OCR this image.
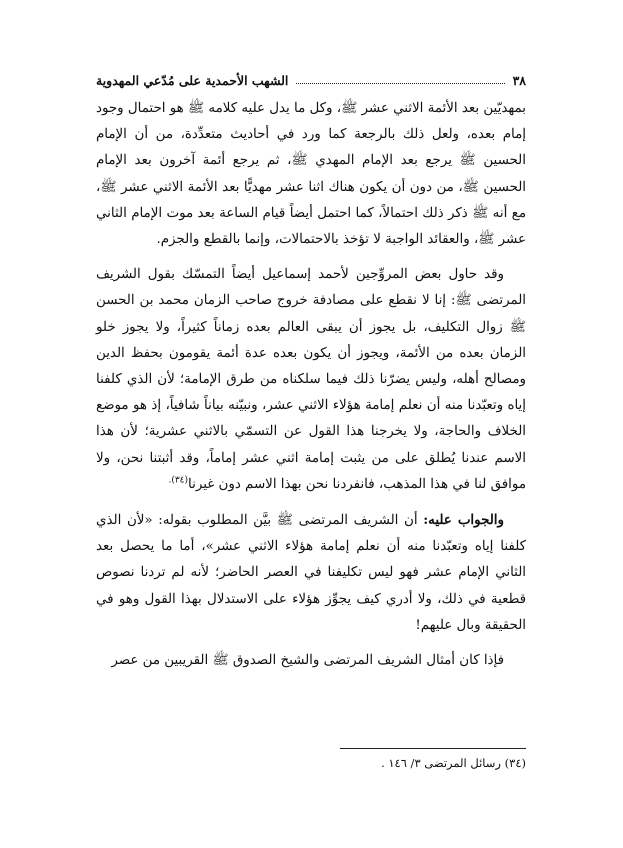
٣٨
الشهب الأحمدية على مُدّعي المهدوية

بمهديّين بعد الأئمة الاثني عشر ﷺ، وكل ما يدل عليه كلامه ﷺ هو احتمال وجود إمام بعده، ولعل ذلك بالرجعة كما ورد في أحاديث متعدِّدة، من أن الإمام الحسين ﷺ يرجع بعد الإمام المهدي ﷺ، ثم يرجع أئمة آخرون بعد الإمام الحسين ﷺ، من دون أن يكون هناك اثنا عشر مهديًّا بعد الأئمة الاثني عشر ﷺ، مع أنه ﷺ ذكر ذلك احتمالاً، كما احتمل أيضاً قيام الساعة بعد موت الإمام الثاني عشر ﷺ، والعقائد الواجبة لا تؤخذ بالاحتمالات، وإنما بالقطع والجزم.

وقد حاول بعض المروِّجين لأحمد إسماعيل أيضاً التمسّك بقول الشريف المرتضى ﷺ: إنا لا نقطع على مصادفة خروج صاحب الزمان محمد بن الحسن ﷺ زوال التكليف، بل يجوز أن يبقى العالم بعده زماناً كثيراً، ولا يجوز خلو الزمان بعده من الأئمة، ويجوز أن يكون بعده عدة أئمة يقومون بحفظ الدين ومصالح أهله، وليس يضرّنا ذلك فيما سلكناه من طرق الإمامة؛ لأن الذي كلفنا إياه وتعبّدنا منه أن نعلم إمامة هؤلاء الاثني عشر، ونبيّنه بياناً شافياً، إذ هو موضع الخلاف والحاجة، ولا يخرجنا هذا القول عن التسمّي بالاثني عشرية؛ لأن هذا الاسم عندنا يُطلق على من يثبت إمامة اثني عشر إماماً، وقد أثبتنا نحن، ولا موافق لنا في هذا المذهب، فانفردنا نحن بهذا الاسم دون غيرنا$^{(٣٤).}$

والجواب عليه: أن الشريف المرتضى ﷺ بيَّن المطلوب بقوله: «لأن الذي كلفنا إياه وتعبّدنا منه أن نعلم إمامة هؤلاء الاثني عشر»، أما ما يحصل بعد الثاني الإمام عشر فهو ليس تكليفنا في العصر الحاضر؛ لأنه لم تردنا نصوص قطعية في ذلك، ولا أدري كيف يجوِّز هؤلاء على الاستدلال بهذا القول وهو في الحقيقة وبال عليهم!

فإذا كان أمثال الشريف المرتضى والشيخ الصدوق ﷺ القريبين من عصر

(٣٤) رسائل المرتضى ٣/ ١٤٦ .
